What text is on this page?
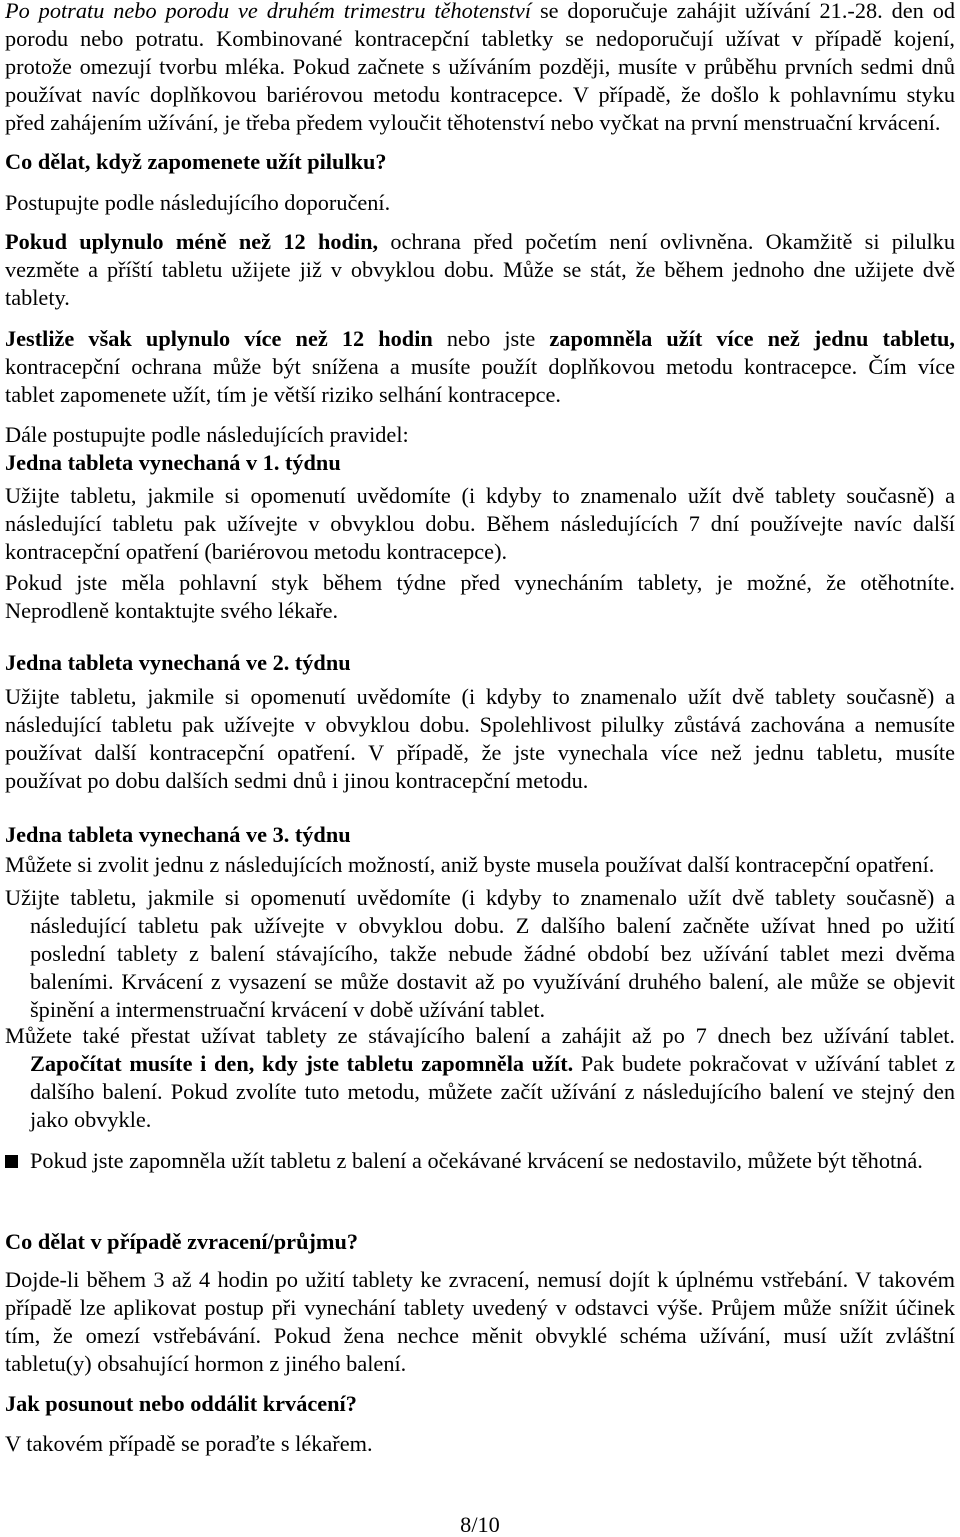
Po potratu nebo porodu ve druhém trimestru těhotenství se doporučuje zahájit užívání 21.-28. den od
porodu nebo potratu. Kombinované kontracepční tabletky se nedoporučují užívat v případě kojení,
protože omezují tvorbu mléka. Pokud začnete s užíváním později, musíte v průběhu prvních sedmi dnů
používat navíc doplňkovou bariérovou metodu kontracepce. V případě, že došlo k pohlavnímu styku
před zahájením užívání, je třeba předem vyloučit těhotenství nebo vyčkat na první menstruační krvácení.
Co dělat, když zapomenete užít pilulku?
Postupujte podle následujícího doporučení.
Pokud uplynulo méně než 12 hodin, ochrana před početím není ovlivněna. Okamžitě si pilulku
vezměte a příští tabletu užijete již v obvyklou dobu. Může se stát, že během jednoho dne užijete dvě
tablety.
Jestliže však uplynulo více než 12 hodin nebo jste zapomněla užít více než jednu tabletu,
kontracepční ochrana může být snížena a musíte použít doplňkovou metodu kontracepce. Čím více
tablet zapomenete užít, tím je větší riziko selhání kontracepce.
Dále postupujte podle následujících pravidel:
Jedna tableta vynechaná v 1. týdnu
Užijte tabletu, jakmile si opomenutí uvědomíte (i kdyby to znamenalo užít dvě tablety současně) a
následující tabletu pak užívejte v obvyklou dobu. Během následujících 7 dní používejte navíc další
kontracepční opatření (bariérovou metodu kontracepce).
Pokud jste měla pohlavní styk během týdne před vynecháním tablety, je možné, že otěhotníte.
Neprodleně kontaktujte svého lékaře.
Jedna tableta vynechaná ve 2. týdnu
Užijte tabletu, jakmile si opomenutí uvědomíte (i kdyby to znamenalo užít dvě tablety současně) a
následující tabletu pak užívejte v obvyklou dobu. Spolehlivost pilulky zůstává zachována a nemusíte
používat další kontracepční opatření. V případě, že jste vynechala více než jednu tabletu, musíte
používat po dobu dalších sedmi dnů i jinou kontracepční metodu.
Jedna tableta vynechaná ve 3. týdnu
Můžete si zvolit jednu z následujících možností, aniž byste musela používat další kontracepční opatření.
Užijte tabletu, jakmile si opomenutí uvědomíte (i kdyby to znamenalo užít dvě tablety současně) a
následující tabletu pak užívejte v obvyklou dobu. Z dalšího balení začněte užívat hned po užití
poslední tablety z balení stávajícího, takže nebude žádné období bez užívání tablet mezi dvěma
baleními. Krvácení z vysazení se může dostavit až po využívání druhého balení, ale může se objevit
špinění a intermenstruační krvácení v době užívání tablet.
Můžete také přestat užívat tablety ze stávajícího balení a zahájit až po 7 dnech bez užívání tablet.
Započítat musíte i den, kdy jste tabletu zapomněla užít. Pak budete pokračovat v užívání tablet z
dalšího balení. Pokud zvolíte tuto metodu, můžete začít užívání z následujícího balení ve stejný den
jako obvykle.
Pokud jste zapomněla užít tabletu z balení a očekávané krvácení se nedostavilo, můžete být těhotná.
Co dělat v případě zvracení/průjmu?
Dojde-li během 3 až 4 hodin po užití tablety ke zvracení, nemusí dojít k úplnému vstřebání. V takovém
případě lze aplikovat postup při vynechání tablety uvedený v odstavci výše. Průjem může snížit účinek
tím, že omezí vstřebávání. Pokud žena nechce měnit obvyklé schéma užívání, musí užít zvláštní
tabletu(y) obsahující hormon z jiného balení.
Jak posunout nebo oddálit krvácení?
V takovém případě se poraďte s lékařem.
8/10
